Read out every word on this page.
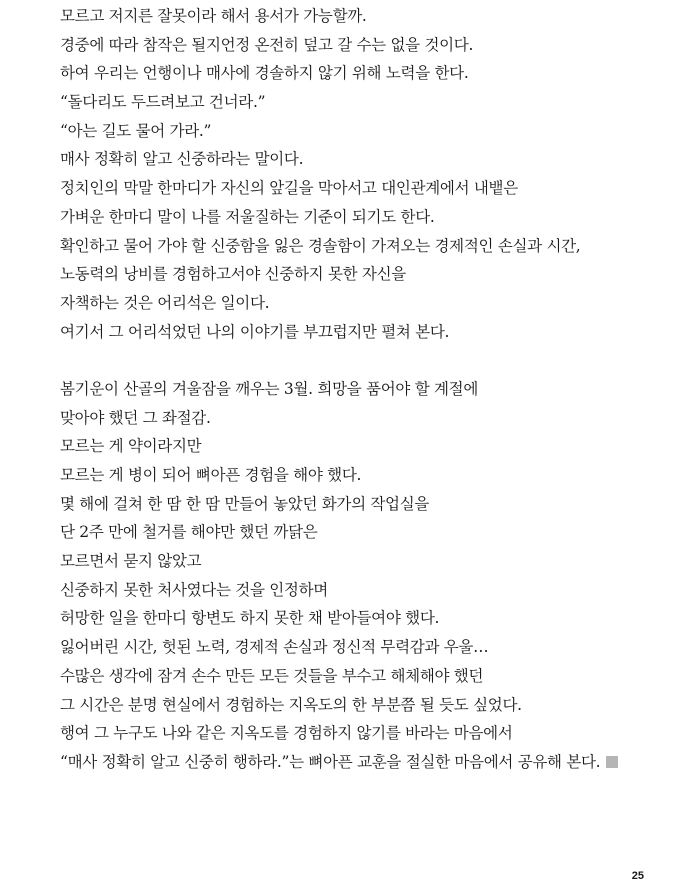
모르고 저지른 잘못이라 해서 용서가 가능할까.
경중에 따라 참작은 될지언정 온전히 덮고 갈 수는 없을 것이다.
하여 우리는 언행이나 매사에 경솔하지 않기 위해 노력을 한다.
“돌다리도 두드려보고 건너라.”
“아는 길도 물어 가라.”
매사 정확히 알고 신중하라는 말이다.
정치인의 막말 한마디가 자신의 앞길을 막아서고 대인관계에서 내뱉은
가벼운 한마디 말이 나를 저울질하는 기준이 되기도 한다.
확인하고 물어 가야 할 신중함을 잃은 경솔함이 가져오는 경제적인 손실과 시간,
노동력의 낭비를 경험하고서야 신중하지 못한 자신을
자책하는 것은 어리석은 일이다.
여기서 그 어리석었던 나의 이야기를 부끄럽지만 펼쳐 본다.
봄기운이 산골의 겨울잠을 깨우는 3월. 희망을 품어야 할 계절에
맞아야 했던 그 좌절감.
모르는 게 약이라지만
모르는 게 병이 되어 뼈아픈 경험을 해야 했다.
몇 해에 걸쳐 한 땀 한 땀 만들어 놓았던 화가의 작업실을
단 2주 만에 철거를 해야만 했던 까닭은
모르면서 묻지 않았고
신중하지 못한 처사였다는 것을 인정하며
허망한 일을 한마디 항변도 하지 못한 채 받아들여야 했다.
잃어버린 시간, 헛된 노력, 경제적 손실과 정신적 무력감과 우울…
수많은 생각에 잠겨 손수 만든 모든 것들을 부수고 해체해야 했던
그 시간은 분명 현실에서 경험하는 지옥도의 한 부분쯤 될 듯도 싶었다.
행여 그 누구도 나와 같은 지옥도를 경험하지 않기를 바라는 마음에서
“매사 정확히 알고 신중히 행하라.”는 뼈아픈 교훈을 절실한 마음에서 공유해 본다.
25
